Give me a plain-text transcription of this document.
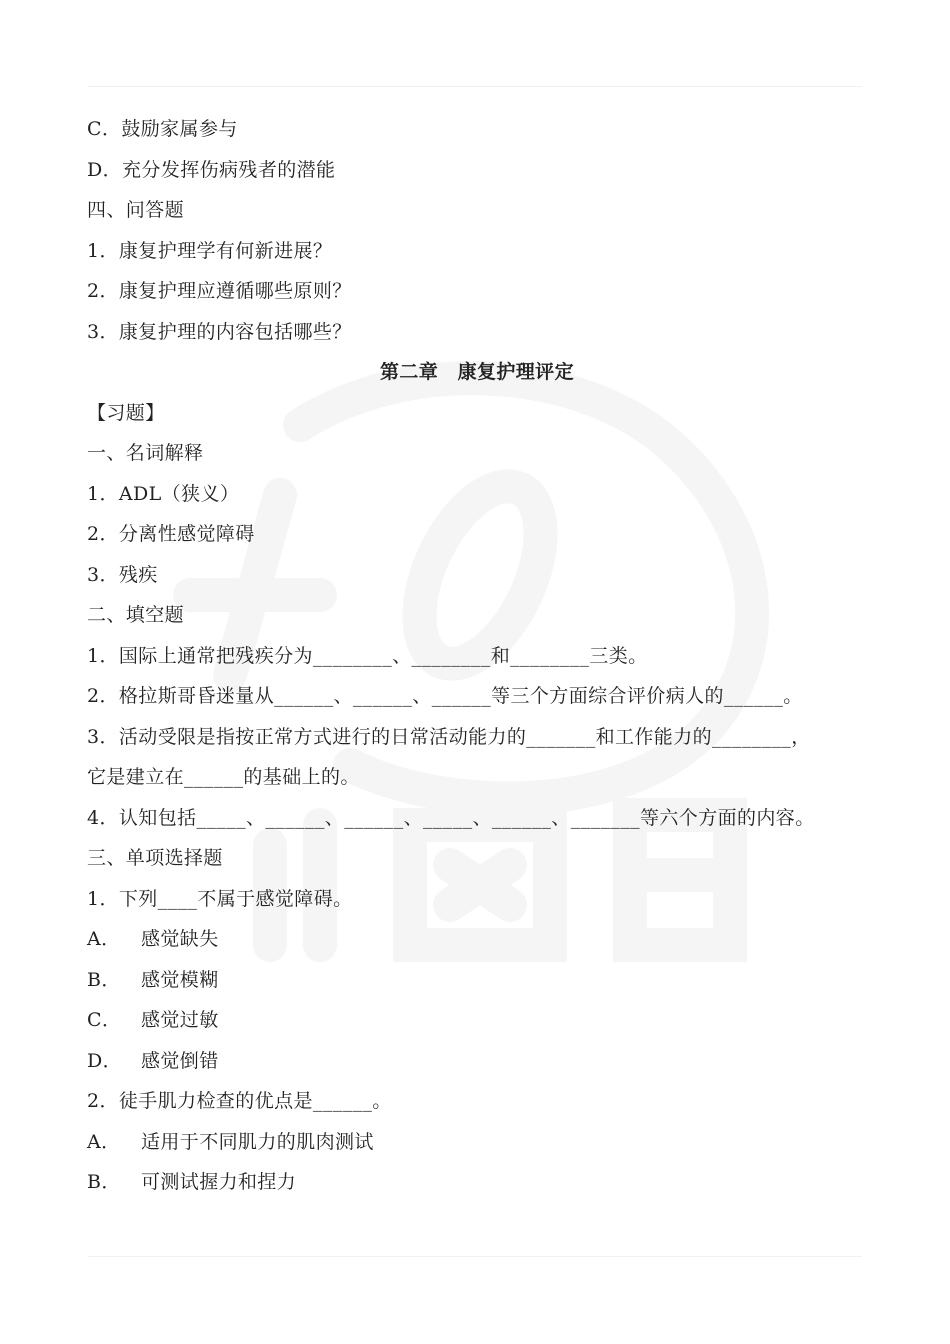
C．鼓励家属参与
D．充分发挥伤病残者的潜能
四、问答题
1．康复护理学有何新进展？
2．康复护理应遵循哪些原则？
3．康复护理的内容包括哪些？
第二章　康复护理评定
【习题】
一、名词解释
1．ADL（狭义）
2．分离性感觉障碍
3．残疾
二、填空题
1．国际上通常把残疾分为________、________和________三类。
2．格拉斯哥昏迷量从______、______、______等三个方面综合评价病人的______。
3．活动受限是指按正常方式进行的日常活动能力的_______和工作能力的________，
它是建立在______的基础上的。
4．认知包括_____、______、______、_____、______、_______等六个方面的内容。
三、单项选择题
1．下列____不属于感觉障碍。
A． 感觉缺失
B． 感觉模糊
C． 感觉过敏
D． 感觉倒错
2．徒手肌力检查的优点是______。
A． 适用于不同肌力的肌肉测试
B． 可测试握力和捏力
